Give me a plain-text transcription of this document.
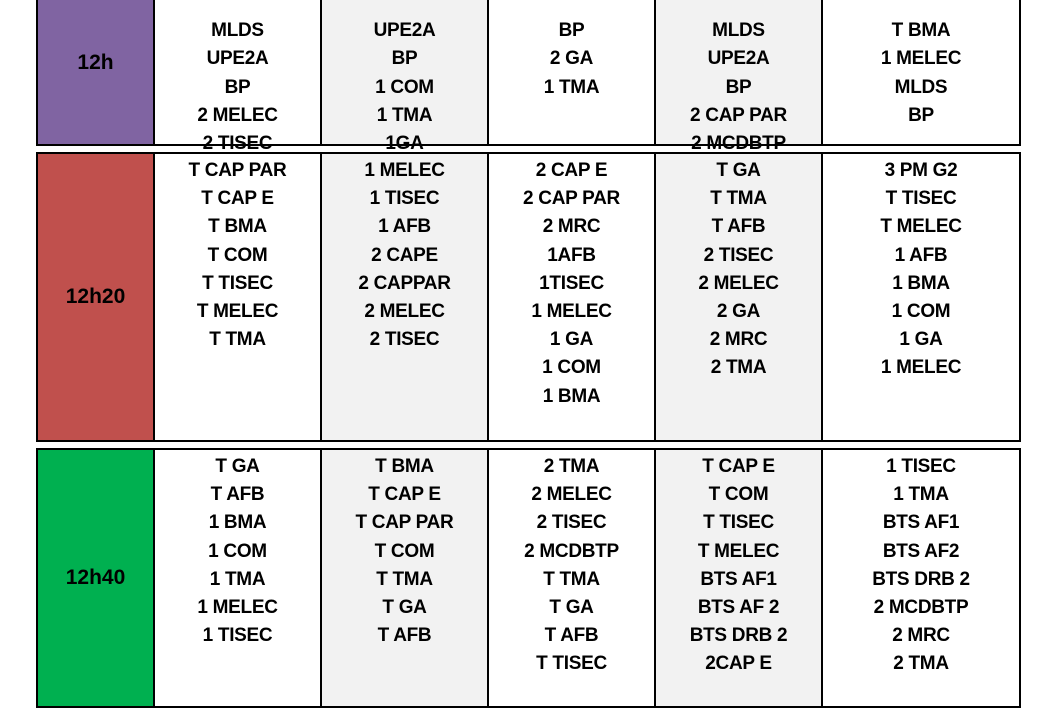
12h

MLDS
UPE2A
BP
2 MELEC
2 TISEC

UPE2A
BP
1 COM
1 TMA
1GA

BP
2 GA
1 TMA

MLDS
UPE2A
BP
2 CAP PAR
2 MCDBTP

T BMA
1 MELEC
MLDS
BP
12h20
T CAP PAR
T CAP E
T BMA
T COM
T TISEC
T MELEC
T TMA
1 MELEC
1 TISEC
1 AFB
2 CAPE
2 CAPPAR
2 MELEC
2 TISEC
2 CAP E
2 CAP PAR
2 MRC
1AFB
1TISEC
1 MELEC
1 GA
1 COM
1 BMA
T GA
T TMA
T AFB
2 TISEC
2 MELEC
2 GA
2 MRC
2 TMA
3 PM G2
T TISEC
T MELEC
1 AFB
1 BMA
1 COM
1 GA
1 MELEC
12h40
T GA
T AFB
1 BMA
1 COM
1 TMA
1 MELEC
1 TISEC
T BMA
T CAP E
T CAP PAR
T COM
T TMA
T GA
T AFB
2 TMA
2 MELEC
2 TISEC
2 MCDBTP
T TMA
T GA
T AFB
T TISEC
T CAP E
T COM
T TISEC
T MELEC
BTS AF1
BTS AF 2
BTS DRB 2
2CAP E
1 TISEC
1 TMA
BTS AF1
BTS AF2
BTS DRB 2
2 MCDBTP
2 MRC
2 TMA
